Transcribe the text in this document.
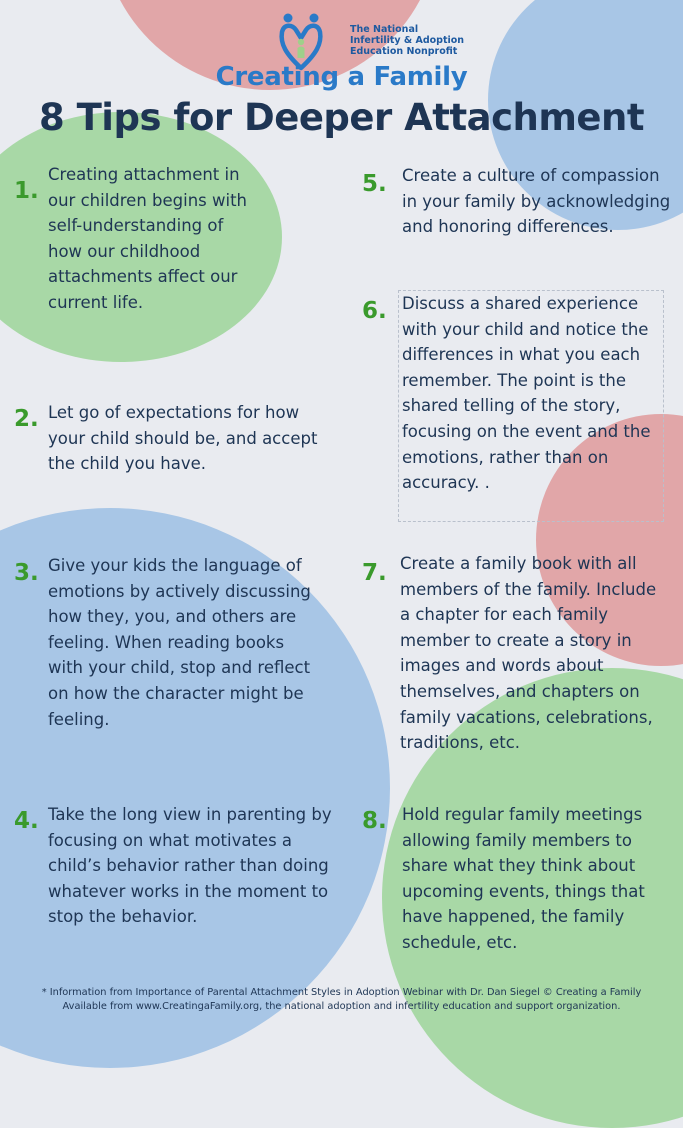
The National
Infertility & Adoption
Education Nonprofit
Creating a Family
8 Tips for Deeper Attachment
1.
Creating attachment in our children begins with self-understanding of how our childhood attachments affect our current life.
2. Let go of expectations for how your child should be, and accept the child you have.
3. Give your kids the language of emotions by actively discussing how they, you, and others are feeling. When reading books with your child, stop and reflect on how the character might be feeling.
4. Take the long view in parenting by focusing on what motivates a child’s behavior rather than doing whatever works in the moment to stop the behavior.
5. Create a culture of compassion in your family by acknowledging and honoring differences.
6. Discuss a shared experience with your child and notice the differences in what you each remember. The point is the shared telling of the story, focusing on the event and the emotions, rather than on accuracy. .
7. Create a family book with all members of the family. Include a chapter for each family member to create a story in images and words about themselves, and chapters on family vacations, celebrations, traditions, etc.
8. Hold regular family meetings allowing family members to share what they think about upcoming events, things that have happened, the family schedule, etc.
* Information from Importance of Parental Attachment Styles in Adoption Webinar with Dr. Dan Siegel © Creating a Family
Available from www.CreatingaFamily.org, the national adoption and infertility education and support organization.
